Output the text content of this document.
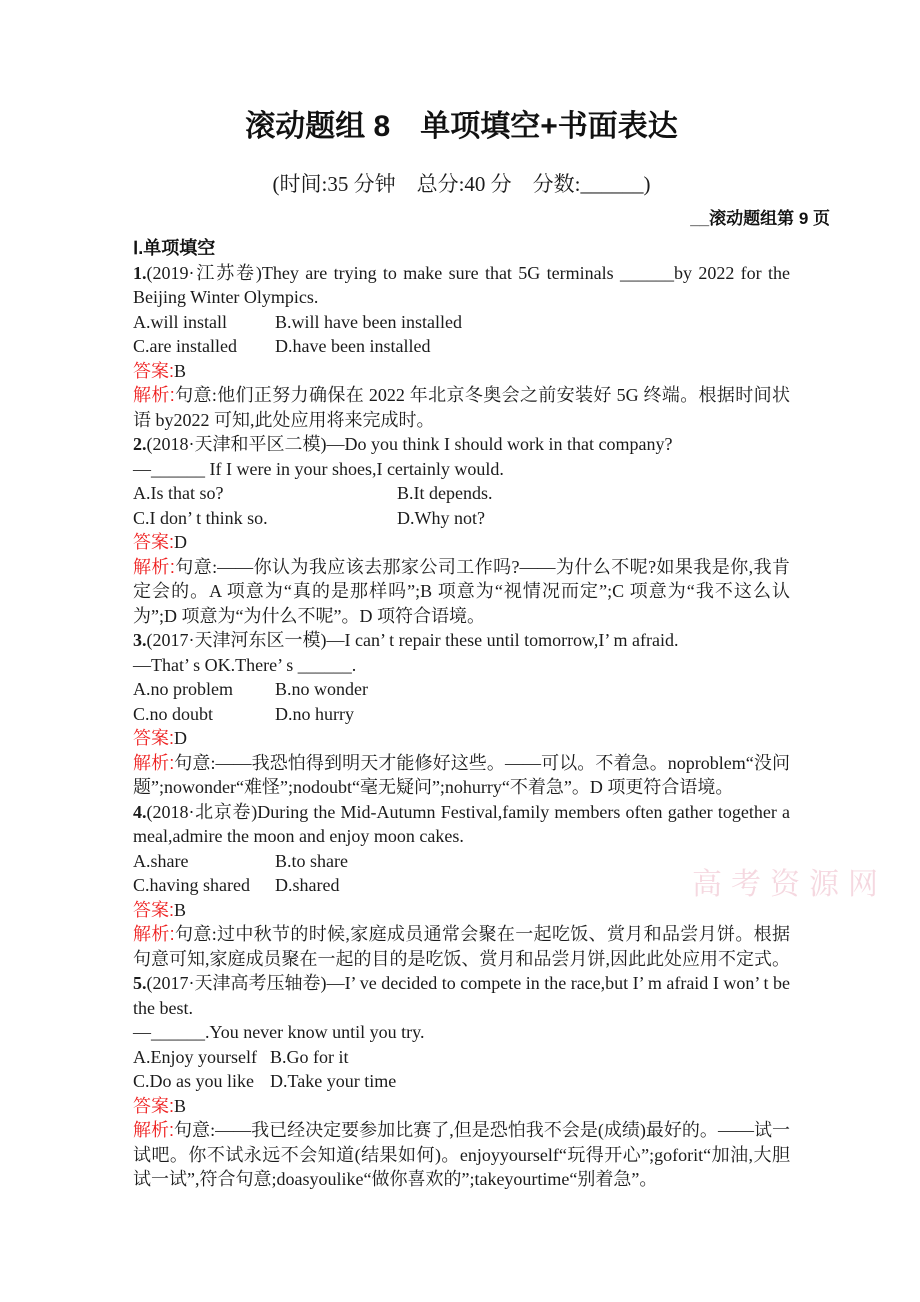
高考资源网
滚动题组 8　单项填空+书面表达

(时间:35 分钟　总分:40 分　分数:______)

__滚动题组第 9 页

Ⅰ.单项填空

1.(2019·江苏卷)They are trying to make sure that 5G terminals ______by 2022 for the Beijing Winter Olympics.

A.will install	B.will have been installed
C.are installed	D.have been installed

答案:B

解析:句意:他们正努力确保在 2022 年北京冬奥会之前安装好 5G 终端。根据时间状语 by2022 可知,此处应用将来完成时。

2.(2018·天津和平区二模)—Do you think I should work in that company?

—______ If I were in your shoes,I certainly would.

A.Is that so?	B.It depends.
C.I don’ t think so.	D.Why not?

答案:D

解析:句意:——你认为我应该去那家公司工作吗?——为什么不呢?如果我是你,我肯定会的。A 项意为“真的是那样吗”;B 项意为“视情况而定”;C 项意为“我不这么认为”;D 项意为“为什么不呢”。D 项符合语境。

3.(2017·天津河东区一模)—I can’ t repair these until tomorrow,I’ m afraid.

—That’ s OK.There’ s ______.

A.no problem	B.no wonder
C.no doubt	D.no hurry

答案:D

解析:句意:——我恐怕得到明天才能修好这些。——可以。不着急。noproblem“没问题”;nowonder“难怪”;nodoubt“毫无疑问”;nohurry“不着急”。D 项更符合语境。

4.(2018·北京卷)During the Mid-Autumn Festival,family members often gather together a meal,admire the moon and enjoy moon cakes.

A.share	B.to share
C.having shared	D.shared

答案:B

解析:句意:过中秋节的时候,家庭成员通常会聚在一起吃饭、赏月和品尝月饼。根据句意可知,家庭成员聚在一起的目的是吃饭、赏月和品尝月饼,因此此处应用不定式。

5.(2017·天津高考压轴卷)—I’ ve decided to compete in the race,but I’ m afraid I won’ t be the best.

—______.You never know until you try.

A.Enjoy yourself B.Go for it
C.Do as you like D.Take your time

答案:B

解析:句意:——我已经决定要参加比赛了,但是恐怕我不会是(成绩)最好的。——试一试吧。你不试永远不会知道(结果如何)。enjoyyourself“玩得开心”;goforit“加油,大胆试一试”,符合句意;doasyoulike“做你喜欢的”;takeyourtime“别着急”。
